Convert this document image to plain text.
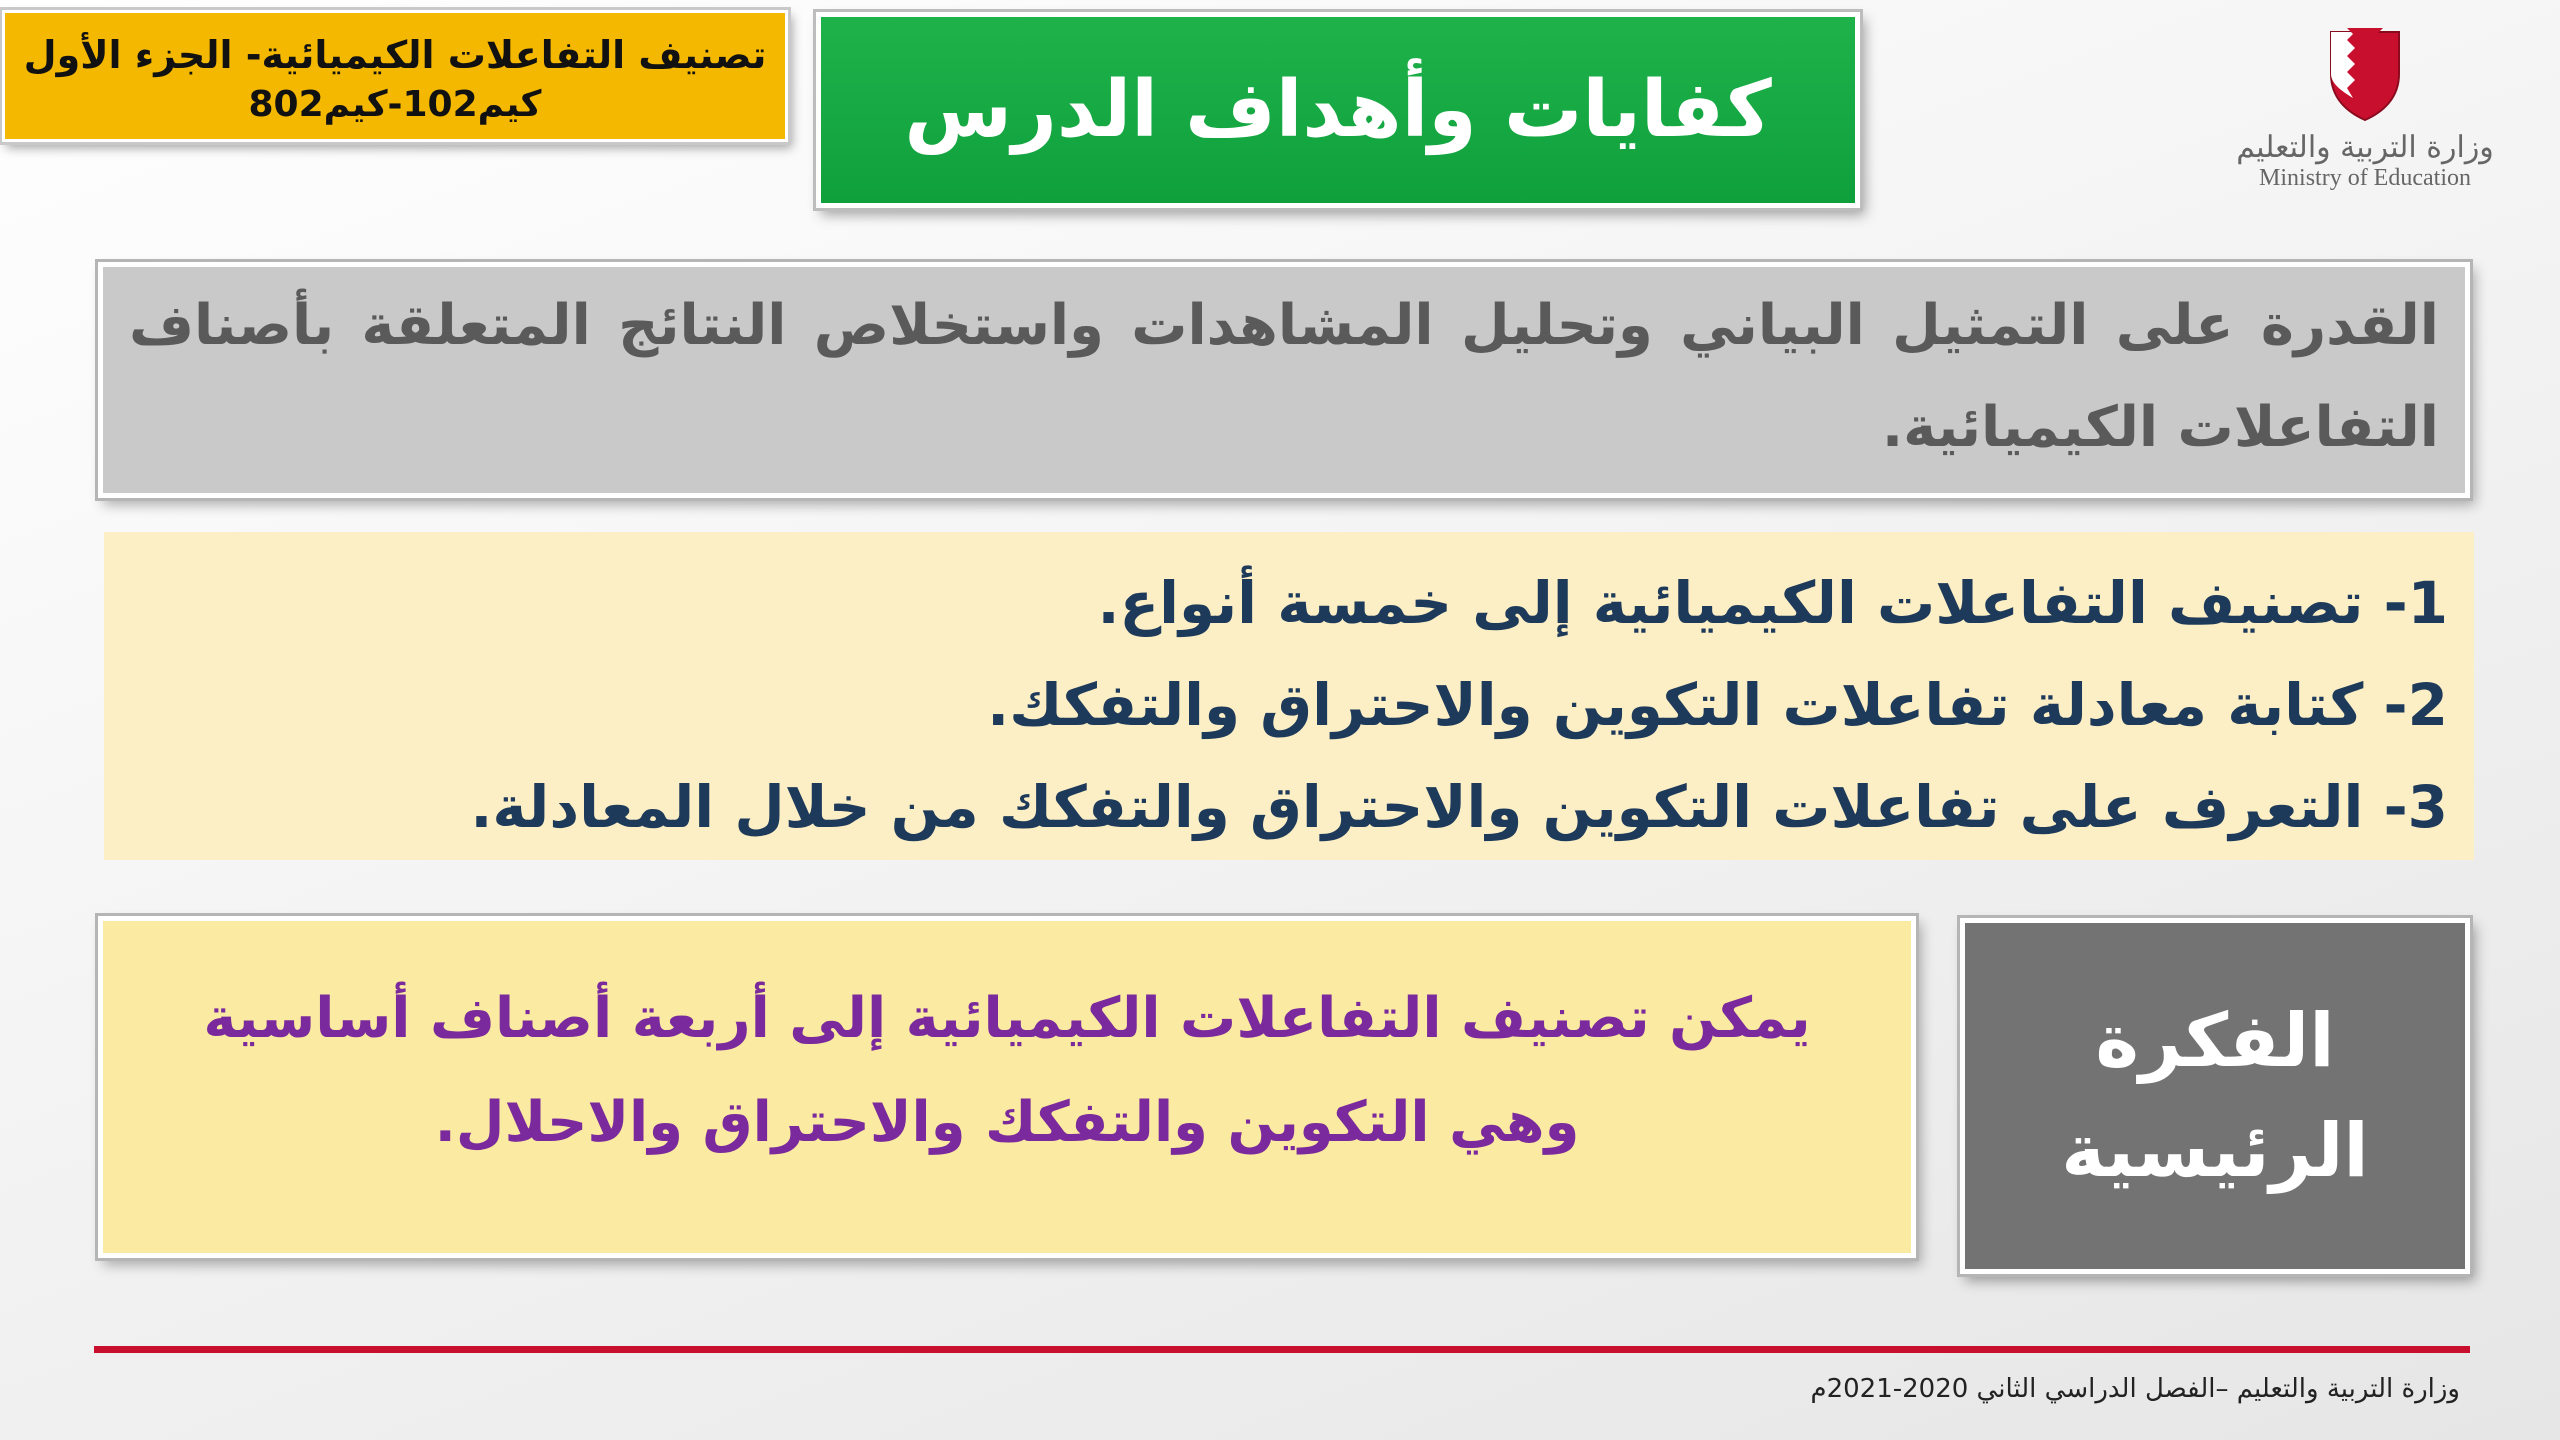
تصنيف التفاعلات الكيميائية- الجزء الأول
كيم102-كيم802	كفايات وأهداف الدرس	وزارة التربية والتعليم
Ministry of Education
القدرة على التمثيل البياني وتحليل المشاهدات واستخلاص النتائج المتعلقة بأصناف التفاعلات الكيميائية.
1- تصنيف التفاعلات الكيميائية إلى خمسة أنواع.
2- كتابة معادلة تفاعلات التكوين والاحتراق والتفكك.
3- التعرف على تفاعلات التكوين والاحتراق والتفكك من خلال المعادلة.
الفكرة
الرئيسية
يمكن تصنيف التفاعلات الكيميائية إلى أربعة أصناف أساسية وهي التكوين والتفكك والاحتراق والاحلال.
وزارة التربية والتعليم –الفصل الدراسي الثاني 2020-2021م
